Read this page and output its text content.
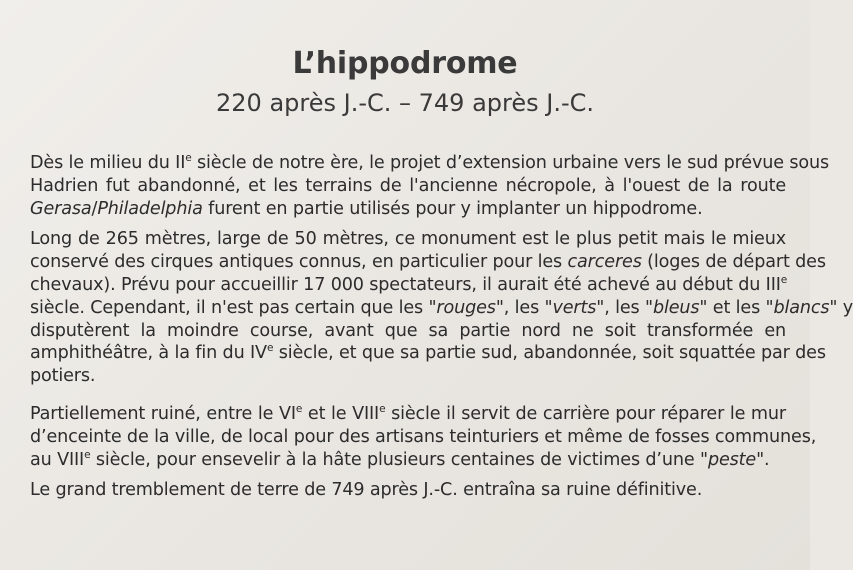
L’hippodrome
220 après J.-C. – 749 après J.-C.

Dès le milieu du IIe siècle de notre ère, le projet d’extension urbaine vers le sud prévue sous
Hadrien fut abandonné, et les terrains de l'ancienne nécropole, à l'ouest de la route
Gerasa/Philadelphia furent en partie utilisés pour y implanter un hippodrome.

Long de 265 mètres, large de 50 mètres, ce monument est le plus petit mais le mieux
conservé des cirques antiques connus, en particulier pour les carceres (loges de départ des
chevaux). Prévu pour accueillir 17 000 spectateurs, il aurait été achevé au début du IIIe
siècle. Cependant, il n'est pas certain que les "rouges", les "verts", les "bleus" et les "blancs" y
disputèrent la moindre course, avant que sa partie nord ne soit transformée en
amphithéâtre, à la fin du IVe siècle, et que sa partie sud, abandonnée, soit squattée par des
potiers.

Partiellement ruiné, entre le VIe et le VIIIe siècle il servit de carrière pour réparer le mur
d’enceinte de la ville, de local pour des artisans teinturiers et même de fosses communes,
au VIIIe siècle, pour ensevelir à la hâte plusieurs centaines de victimes d’une "peste".

Le grand tremblement de terre de 749 après J.-C. entraîna sa ruine définitive.
